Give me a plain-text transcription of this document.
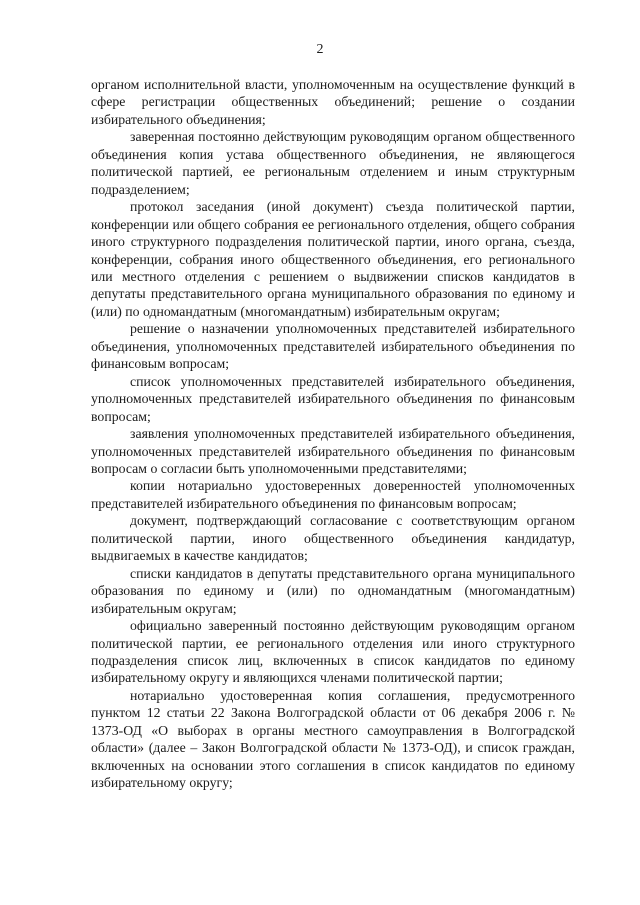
2

органом исполнительной власти, уполномоченным на осуществление функций в сфере регистрации общественных объединений; решение о создании избирательного объединения;

заверенная постоянно действующим руководящим органом общественного объединения копия устава общественного объединения, не являющегося политической партией, ее региональным отделением и иным структурным подразделением;

протокол заседания (иной документ) съезда политической партии, конференции или общего собрания ее регионального отделения, общего собрания иного структурного подразделения политической партии, иного органа, съезда, конференции, собрания иного общественного объединения, его регионального или местного отделения с решением о выдвижении списков кандидатов в депутаты представительного органа муниципального образования по единому и (или) по одномандатным (многомандатным) избирательным округам;

решение о назначении уполномоченных представителей избирательного объединения, уполномоченных представителей избирательного объединения по финансовым вопросам;

список уполномоченных представителей избирательного объединения, уполномоченных представителей избирательного объединения по финансовым вопросам;

заявления уполномоченных представителей избирательного объединения, уполномоченных представителей избирательного объединения по финансовым вопросам о согласии быть уполномоченными представителями;

копии нотариально удостоверенных доверенностей уполномоченных представителей избирательного объединения по финансовым вопросам;

документ, подтверждающий согласование с соответствующим органом политической партии, иного общественного объединения кандидатур, выдвигаемых в качестве кандидатов;

списки кандидатов в депутаты представительного органа муниципального образования по единому и (или) по одномандатным (многомандатным) избирательным округам;

официально заверенный постоянно действующим руководящим органом политической партии, ее регионального отделения или иного структурного подразделения список лиц, включенных в список кандидатов по единому избирательному округу и являющихся членами политической партии;

нотариально удостоверенная копия соглашения, предусмотренного пунктом 12 статьи 22 Закона Волгоградской области от 06 декабря 2006 г. № 1373-ОД «О выборах в органы местного самоуправления в Волгоградской области» (далее – Закон Волгоградской области № 1373-ОД), и список граждан, включенных на основании этого соглашения в список кандидатов по единому избирательному округу;
